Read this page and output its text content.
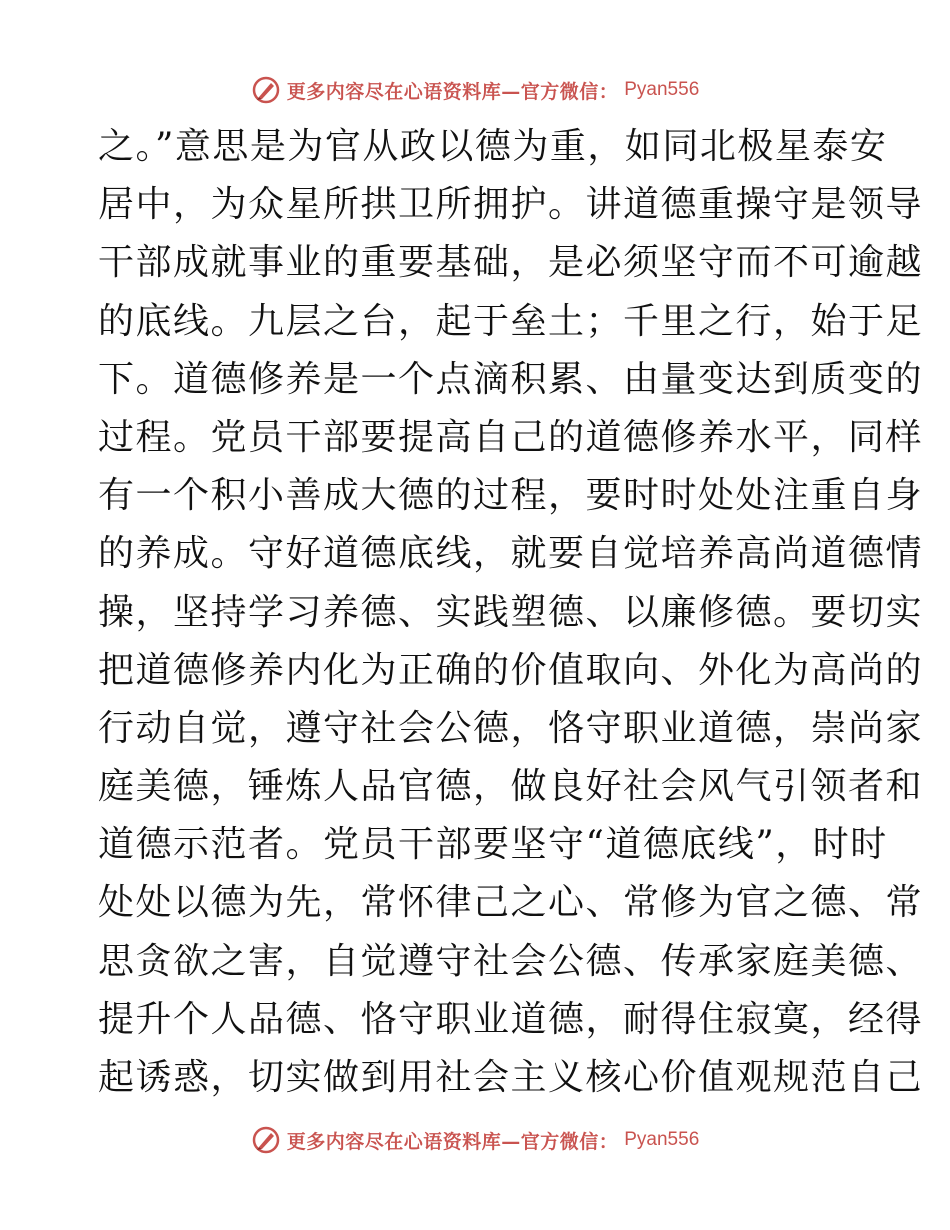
更多内容尽在心语资料库—官方微信： Pyan556
之。”意思是为官从政以德为重，如同北极星泰安
居中，为众星所拱卫所拥护。讲道德重操守是领导
干部成就事业的重要基础，是必须坚守而不可逾越
的底线。九层之台，起于垒土；千里之行，始于足
下。道德修养是一个点滴积累、由量变达到质变的
过程。党员干部要提高自己的道德修养水平，同样
有一个积小善成大德的过程，要时时处处注重自身
的养成。守好道德底线，就要自觉培养高尚道德情
操，坚持学习养德、实践塑德、以廉修德。要切实
把道德修养内化为正确的价值取向、外化为高尚的
行动自觉，遵守社会公德，恪守职业道德，崇尚家
庭美德，锤炼人品官德，做良好社会风气引领者和
道德示范者。党员干部要坚守“道德底线”，时时
处处以德为先，常怀律己之心、常修为官之德、常
思贪欲之害，自觉遵守社会公德、传承家庭美德、
提升个人品德、恪守职业道德，耐得住寂寞，经得
起诱惑，切实做到用社会主义核心价值观规范自己
更多内容尽在心语资料库—官方微信： Pyan556
